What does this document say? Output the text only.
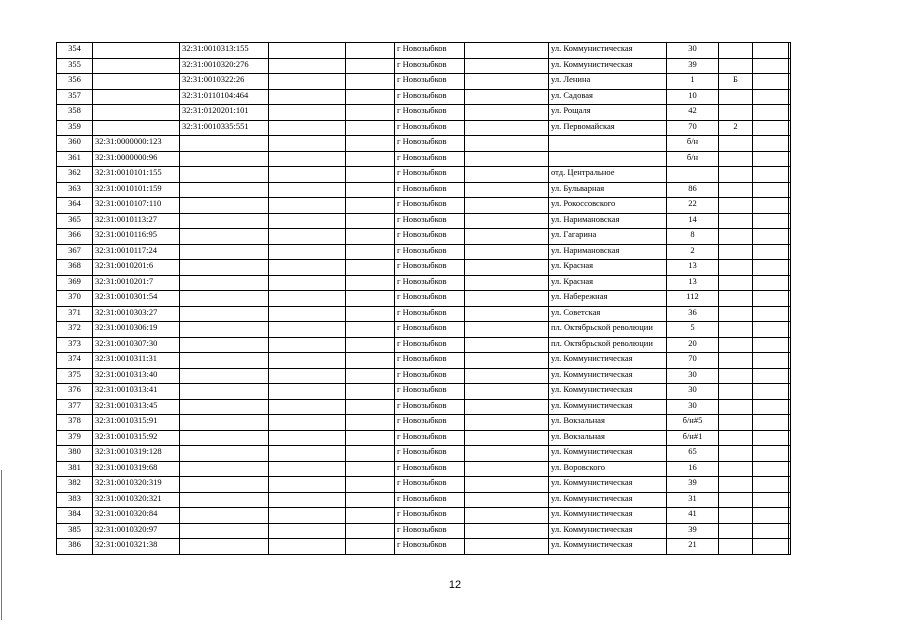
354		32:31:0010313:155			г Новозыбков		ул. Коммунистическая	30			
355		32:31:0010320:276			г Новозыбков		ул. Коммунистическая	39			
356		32:31:0010322:26			г Новозыбков		ул. Ленина	1	Б		
357		32:31:0110104:464			г Новозыбков		ул. Садовая	10			
358		32:31:0120201:101			г Новозыбков		ул. Рощаля	42			
359		32:31:0010335:551			г Новозыбков		ул. Первомайская	70	2		
360	32:31:0000000:123				г Новозыбков			б/н			
361	32:31:0000000:96				г Новозыбков			б/н			
362	32:31:0010101:155				г Новозыбков		отд. Центральное				
363	32:31:0010101:159				г Новозыбков		ул. Бульварная	86			
364	32:31:0010107:110				г Новозыбков		ул. Рокоссовского	22			
365	32:31:0010113:27				г Новозыбков		ул. Наримановская	14			
366	32:31:0010116:95				г Новозыбков		ул. Гагарина	8			
367	32:31:0010117:24				г Новозыбков		ул. Наримановская	2			
368	32:31:0010201:6				г Новозыбков		ул. Красная	13			
369	32:31:0010201:7				г Новозыбков		ул. Красная	13			
370	32:31:0010301:54				г Новозыбков		ул. Набережная	112			
371	32:31:0010303:27				г Новозыбков		ул. Советская	36			
372	32:31:0010306:19				г Новозыбков		пл. Октябрьской революции	5			
373	32:31:0010307:30				г Новозыбков		пл. Октябрьской революции	20			
374	32:31:0010311:31				г Новозыбков		ул. Коммунистическая	70			
375	32:31:0010313:40				г Новозыбков		ул. Коммунистическая	30			
376	32:31:0010313:41				г Новозыбков		ул. Коммунистическая	30			
377	32:31:0010313:45				г Новозыбков		ул. Коммунистическая	30			
378	32:31:0010315:91				г Новозыбков		ул. Вокзальная	б/н#5			
379	32:31:0010315:92				г Новозыбков		ул. Вокзальная	б/н#1			
380	32:31:0010319:128				г Новозыбков		ул. Коммунистическая	65			
381	32:31:0010319:68				г Новозыбков		ул. Воровского	16			
382	32:31:0010320:319				г Новозыбков		ул. Коммунистическая	39			
383	32:31:0010320:321				г Новозыбков		ул. Коммунистическая	31			
384	32:31:0010320:84				г Новозыбков		ул. Коммунистическая	41			
385	32:31:0010320:97				г Новозыбков		ул. Коммунистическая	39			
386	32:31:0010321:38				г Новозыбков		ул. Коммунистическая	21			
12
